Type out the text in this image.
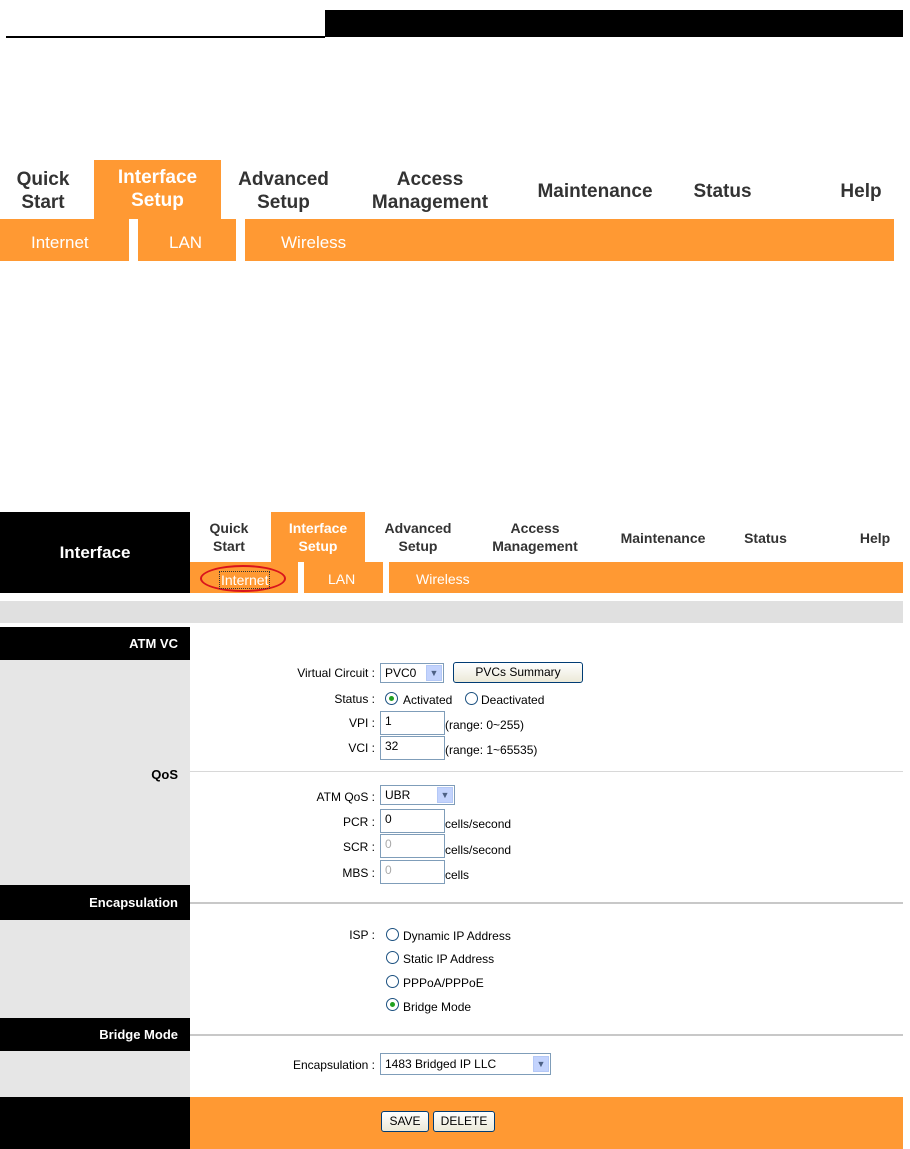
Quick
Start
Interface
Setup
Advanced
Setup
Access
Management
Maintenance	Status	Help
Internet	LAN	Wireless
Interface
Quick
Start
Interface
Setup
Advanced
Setup
Access
Management	Maintenance	Status	Help
Internet	LAN	Wireless
ATM VC
QoS
Encapsulation
Bridge Mode
Virtual Circuit : PVC0	▼	PVCs Summary
Status : Activated Deactivated
VPI : 1	(range: 0~255)
VCI : 32	(range: 1~65535)
ATM QoS : UBR	▼
PCR : 0	cells/second
SCR : 0	cells/second
MBS : 0	cells
ISP : Dynamic IP Address
Static IP Address
PPPoA/PPPoE
Bridge Mode
Encapsulation : 1483 Bridged IP LLC	▼
SAVE	DELETE
